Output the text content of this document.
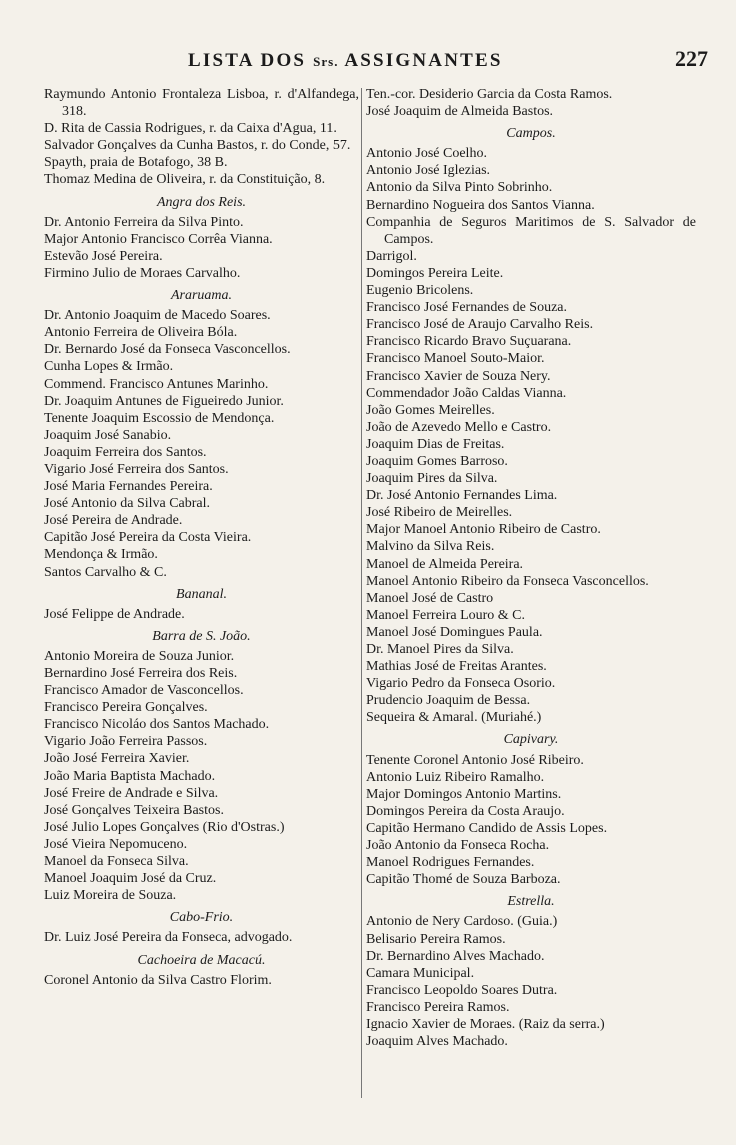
LISTA DOS Srs. ASSIGNANTES	227
Raymundo Antonio Frontaleza Lisboa, r. d'Alfandega, 318.
D. Rita de Cassia Rodrigues, r. da Caixa d'Agua, 11.
Salvador Gonçalves da Cunha Bastos, r. do Conde, 57.
Spayth, praia de Botafogo, 38 B.
Thomaz Medina de Oliveira, r. da Constituição, 8.
Angra dos Reis.
Dr. Antonio Ferreira da Silva Pinto.
Major Antonio Francisco Corrêa Vianna.
Estevão José Pereira.
Firmino Julio de Moraes Carvalho.
Araruama.
Dr. Antonio Joaquim de Macedo Soares.
Antonio Ferreira de Oliveira Bóla.
Dr. Bernardo José da Fonseca Vasconcellos.
Cunha Lopes & Irmão.
Commend. Francisco Antunes Marinho.
Dr. Joaquim Antunes de Figueiredo Junior.
Tenente Joaquim Escossio de Mendonça.
Joaquim José Sanabio.
Joaquim Ferreira dos Santos.
Vigario José Ferreira dos Santos.
José Maria Fernandes Pereira.
José Antonio da Silva Cabral.
José Pereira de Andrade.
Capitão José Pereira da Costa Vieira.
Mendonça & Irmão.
Santos Carvalho & C.
Bananal.
José Felippe de Andrade.
Barra de S. João.
Antonio Moreira de Souza Junior.
Bernardino José Ferreira dos Reis.
Francisco Amador de Vasconcellos.
Francisco Pereira Gonçalves.
Francisco Nicoláo dos Santos Machado.
Vigario João Ferreira Passos.
João José Ferreira Xavier.
João Maria Baptista Machado.
José Freire de Andrade e Silva.
José Gonçalves Teixeira Bastos.
José Julio Lopes Gonçalves (Rio d'Ostras.)
José Vieira Nepomuceno.
Manoel da Fonseca Silva.
Manoel Joaquim José da Cruz.
Luiz Moreira de Souza.
Cabo-Frio.
Dr. Luiz José Pereira da Fonseca, advogado.
Cachoeira de Macacú.
Coronel Antonio da Silva Castro Florim.
Ten.-cor. Desiderio Garcia da Costa Ramos.
José Joaquim de Almeida Bastos.
Campos.
Antonio José Coelho.
Antonio José Iglezias.
Antonio da Silva Pinto Sobrinho.
Bernardino Nogueira dos Santos Vianna.
Companhia de Seguros Maritimos de S. Salvador de Campos.
Darrigol.
Domingos Pereira Leite.
Eugenio Bricolens.
Francisco José Fernandes de Souza.
Francisco José de Araujo Carvalho Reis.
Francisco Ricardo Bravo Suçuarana.
Francisco Manoel Souto-Maior.
Francisco Xavier de Souza Nery.
Commendador João Caldas Vianna.
João Gomes Meirelles.
João de Azevedo Mello e Castro.
Joaquim Dias de Freitas.
Joaquim Gomes Barroso.
Joaquim Pires da Silva.
Dr. José Antonio Fernandes Lima.
José Ribeiro de Meirelles.
Major Manoel Antonio Ribeiro de Castro.
Malvino da Silva Reis.
Manoel de Almeida Pereira.
Manoel Antonio Ribeiro da Fonseca Vasconcellos.
Manoel José de Castro
Manoel Ferreira Louro & C.
Manoel José Domingues Paula.
Dr. Manoel Pires da Silva.
Mathias José de Freitas Arantes.
Vigario Pedro da Fonseca Osorio.
Prudencio Joaquim de Bessa.
Sequeira & Amaral. (Muriahé.)
Capivary.
Tenente Coronel Antonio José Ribeiro.
Antonio Luiz Ribeiro Ramalho.
Major Domingos Antonio Martins.
Domingos Pereira da Costa Araujo.
Capitão Hermano Candido de Assis Lopes.
João Antonio da Fonseca Rocha.
Manoel Rodrigues Fernandes.
Capitão Thomé de Souza Barboza.
Estrella.
Antonio de Nery Cardoso. (Guia.)
Belisario Pereira Ramos.
Dr. Bernardino Alves Machado.
Camara Municipal.
Francisco Leopoldo Soares Dutra.
Francisco Pereira Ramos.
Ignacio Xavier de Moraes. (Raiz da serra.)
Joaquim Alves Machado.
